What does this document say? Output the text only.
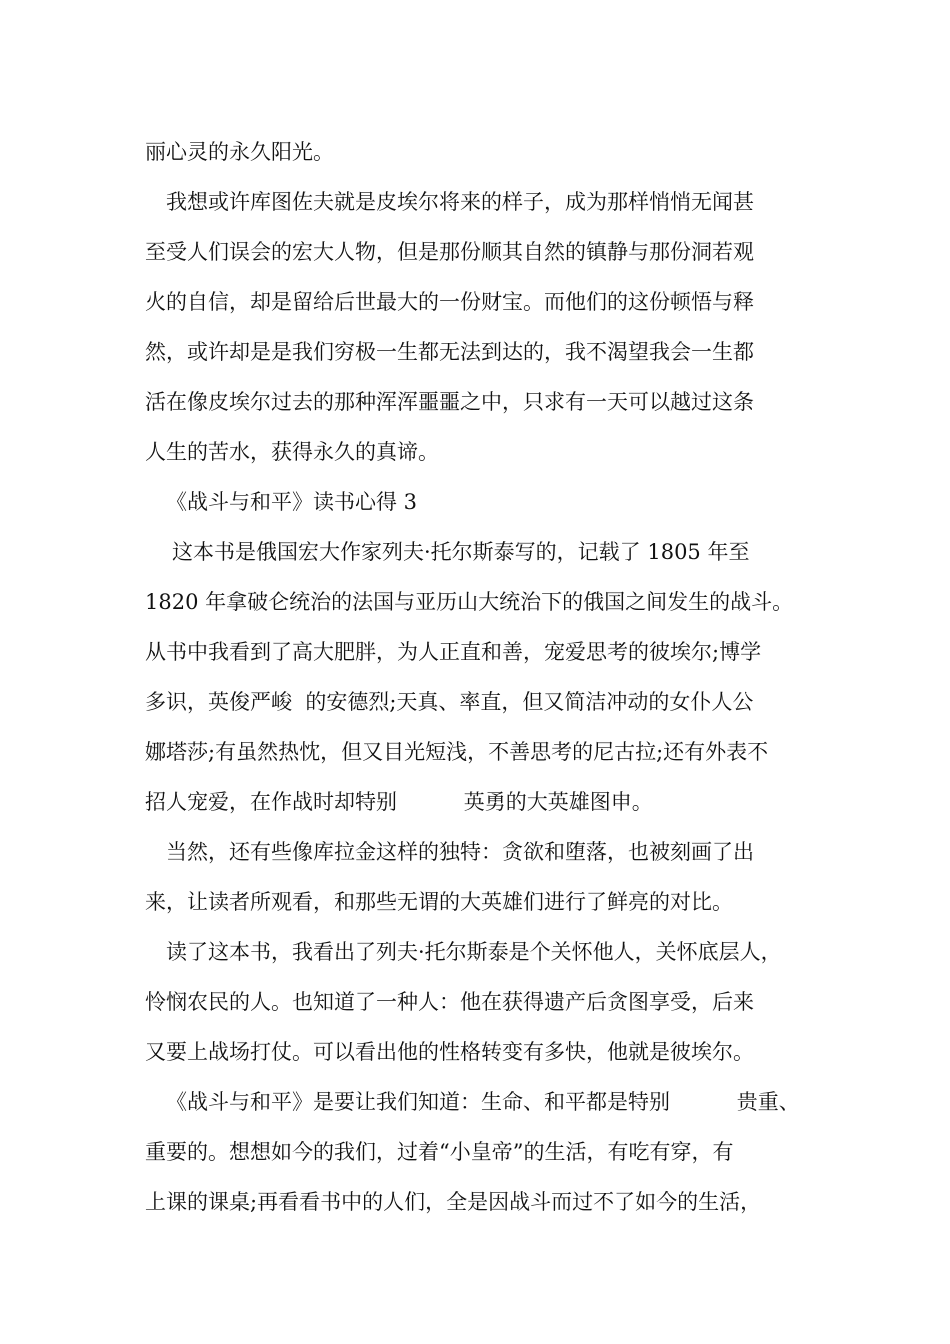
丽心灵的永久阳光。
我想或许库图佐夫就是皮埃尔将来的样子，成为那样悄悄无闻甚
至受人们误会的宏大人物，但是那份顺其自然的镇静与那份洞若观
火的自信，却是留给后世最大的一份财宝。而他们的这份顿悟与释
然，或许却是是我们穷极一生都无法到达的，我不渴望我会一生都
活在像皮埃尔过去的那种浑浑噩噩之中，只求有一天可以越过这条
人生的苦水，获得永久的真谛。
《战斗与和平》读书心得 3
这本书是俄国宏大作家列夫·托尔斯泰写的，记载了 1805 年至
1820 年拿破仑统治的法国与亚历山大统治下的俄国之间发生的战斗。
从书中我看到了高大肥胖，为人正直和善，宠爱思考的彼埃尔;博学
多识，英俊严峻  的安德烈;天真、率直，但又简洁冲动的女仆人公
娜塔莎;有虽然热忱，但又目光短浅，不善思考的尼古拉;还有外表不
招人宠爱，在作战时却特别          英勇的大英雄图申。
当然，还有些像库拉金这样的独特：贪欲和堕落，也被刻画了出
来，让读者所观看，和那些无谓的大英雄们进行了鲜亮的对比。
读了这本书，我看出了列夫·托尔斯泰是个关怀他人，关怀底层人，
怜悯农民的人。也知道了一种人：他在获得遗产后贪图享受，后来
又要上战场打仗。可以看出他的性格转变有多快，他就是彼埃尔。
《战斗与和平》是要让我们知道：生命、和平都是特别          贵重、
重要的。想想如今的我们，过着“小皇帝”的生活，有吃有穿，有
上课的课桌;再看看书中的人们，全是因战斗而过不了如今的生活，
